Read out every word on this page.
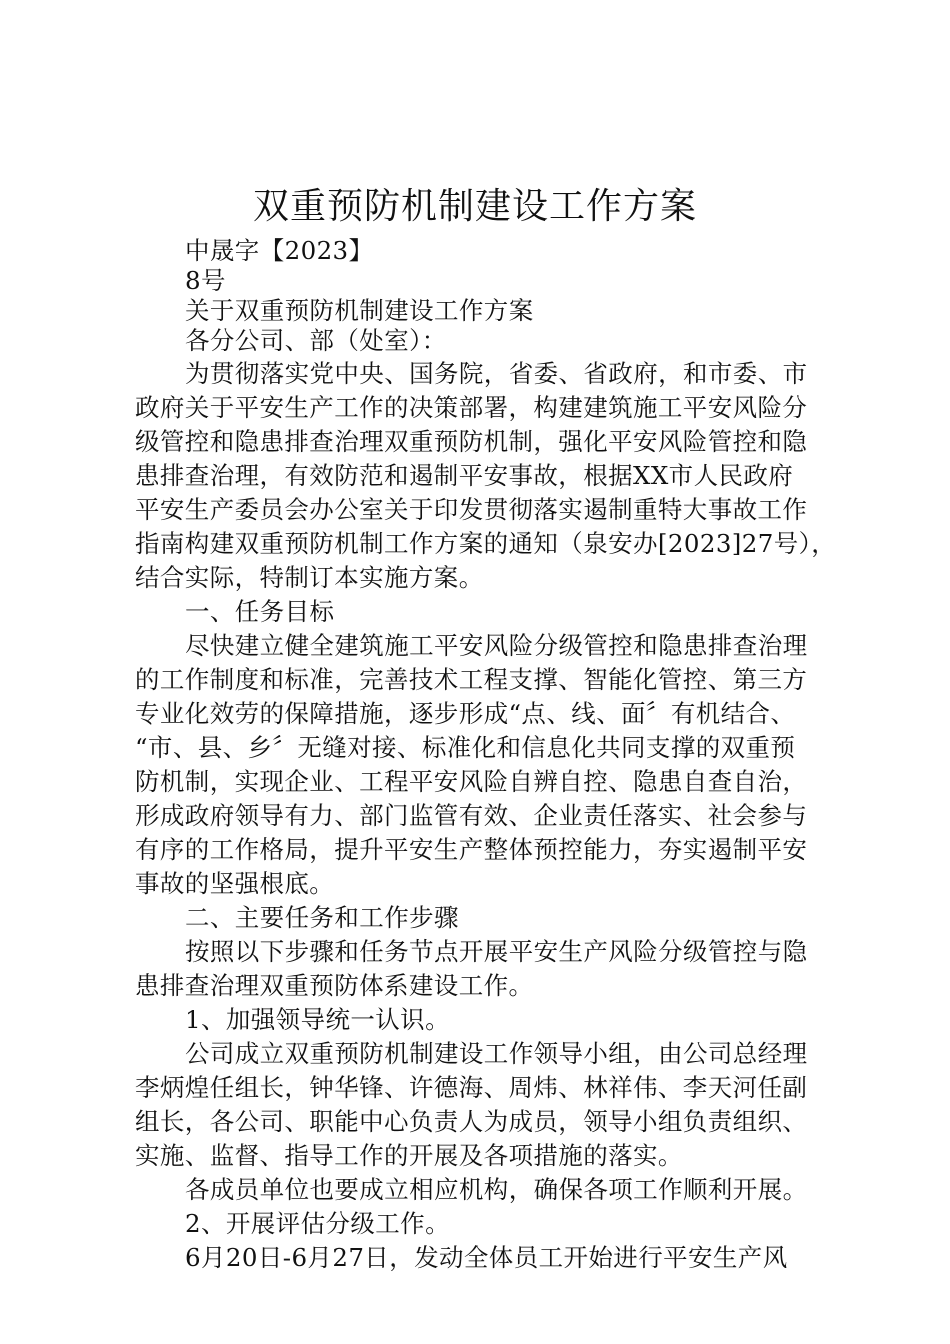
双重预防机制建设工作方案
中晟字【2023】
8号
关于双重预防机制建设工作方案
各分公司、部（处室）：
为贯彻落实党中央、国务院，省委、省政府，和市委、市
政府关于平安生产工作的决策部署，构建建筑施工平安风险分
级管控和隐患排查治理双重预防机制，强化平安风险管控和隐
患排查治理，有效防范和遏制平安事故，根据XX市人民政府
平安生产委员会办公室关于印发贯彻落实遏制重特大事故工作
指南构建双重预防机制工作方案的通知（泉安办[2023]27号），
结合实际，特制订本实施方案。
一、任务目标
尽快建立健全建筑施工平安风险分级管控和隐患排查治理
的工作制度和标准，完善技术工程支撑、智能化管控、第三方
专业化效劳的保障措施，逐步形成“点、线、面〞有机结合、
“市、县、乡〞无缝对接、标准化和信息化共同支撑的双重预
防机制，实现企业、工程平安风险自辨自控、隐患自查自治，
形成政府领导有力、部门监管有效、企业责任落实、社会参与
有序的工作格局，提升平安生产整体预控能力，夯实遏制平安
事故的坚强根底。
二、主要任务和工作步骤
按照以下步骤和任务节点开展平安生产风险分级管控与隐
患排查治理双重预防体系建设工作。
1、加强领导统一认识。
公司成立双重预防机制建设工作领导小组，由公司总经理
李炳煌任组长，钟华锋、许德海、周炜、林祥伟、李天河任副
组长，各公司、职能中心负责人为成员，领导小组负责组织、
实施、监督、指导工作的开展及各项措施的落实。
各成员单位也要成立相应机构，确保各项工作顺利开展。
2、开展评估分级工作。
6月20日-6月27日，发动全体员工开始进行平安生产风
